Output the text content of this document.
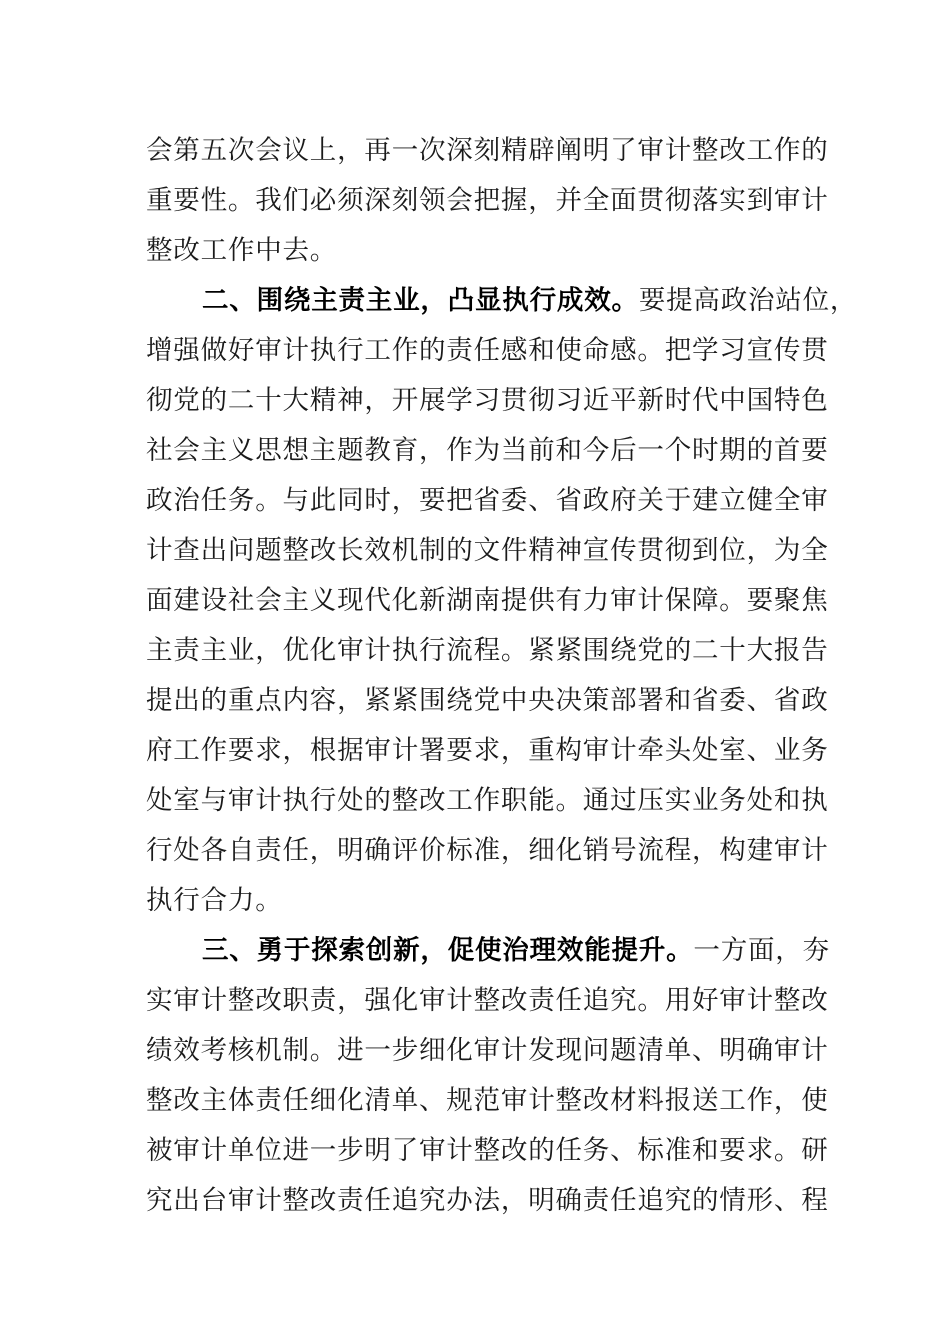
会第五次会议上，再一次深刻精辟阐明了审计整改工作的
重要性。我们必须深刻领会把握，并全面贯彻落实到审计
整改工作中去。
二、围绕主责主业，凸显执行成效。要提高政治站位，
增强做好审计执行工作的责任感和使命感。把学习宣传贯
彻党的二十大精神，开展学习贯彻习近平新时代中国特色
社会主义思想主题教育，作为当前和今后一个时期的首要
政治任务。与此同时，要把省委、省政府关于建立健全审
计查出问题整改长效机制的文件精神宣传贯彻到位，为全
面建设社会主义现代化新湖南提供有力审计保障。要聚焦
主责主业，优化审计执行流程。紧紧围绕党的二十大报告
提出的重点内容，紧紧围绕党中央决策部署和省委、省政
府工作要求，根据审计署要求，重构审计牵头处室、业务
处室与审计执行处的整改工作职能。通过压实业务处和执
行处各自责任，明确评价标准，细化销号流程，构建审计
执行合力。
三、勇于探索创新，促使治理效能提升。一方面，夯
实审计整改职责，强化审计整改责任追究。用好审计整改
绩效考核机制。进一步细化审计发现问题清单、明确审计
整改主体责任细化清单、规范审计整改材料报送工作，使
被审计单位进一步明了审计整改的任务、标准和要求。研
究出台审计整改责任追究办法，明确责任追究的情形、程
